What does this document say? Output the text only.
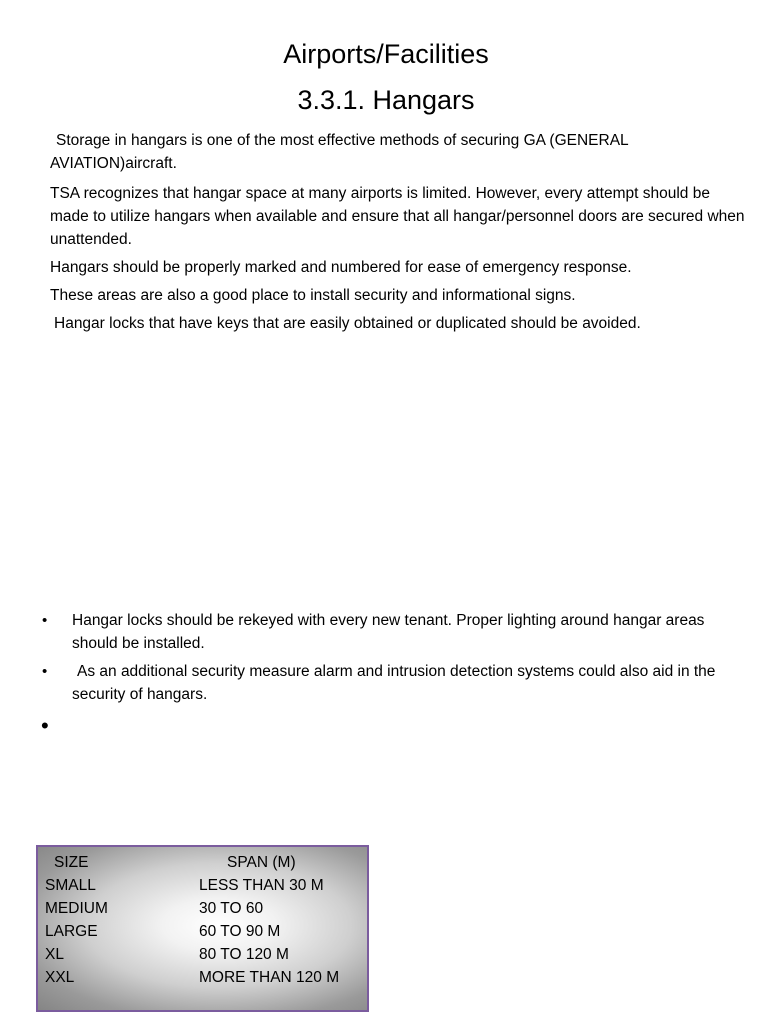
Airports/Facilities
3.3.1. Hangars

Storage in hangars is one of the most effective methods of securing GA (GENERAL AVIATION)aircraft.

TSA recognizes that hangar space at many airports is limited. However, every attempt should be made to utilize hangars when available and ensure that all hangar/personnel doors are secured when unattended.

Hangars should be properly marked and numbered for ease of emergency response.

These areas are also a good place to install security and informational signs.

Hangar locks that have keys that are easily obtained or duplicated should be avoided.

• Hangar locks should be rekeyed with every new tenant. Proper lighting around hangar areas should be installed.
• As an additional security measure alarm and intrusion detection systems could also aid in the security of hangars.
•
SIZE	SPAN (M)
SMALL	LESS THAN 30 M
MEDIUM	30 TO 60
LARGE	60 TO 90 M
XL	80 TO 120 M
XXL	MORE THAN 120 M
